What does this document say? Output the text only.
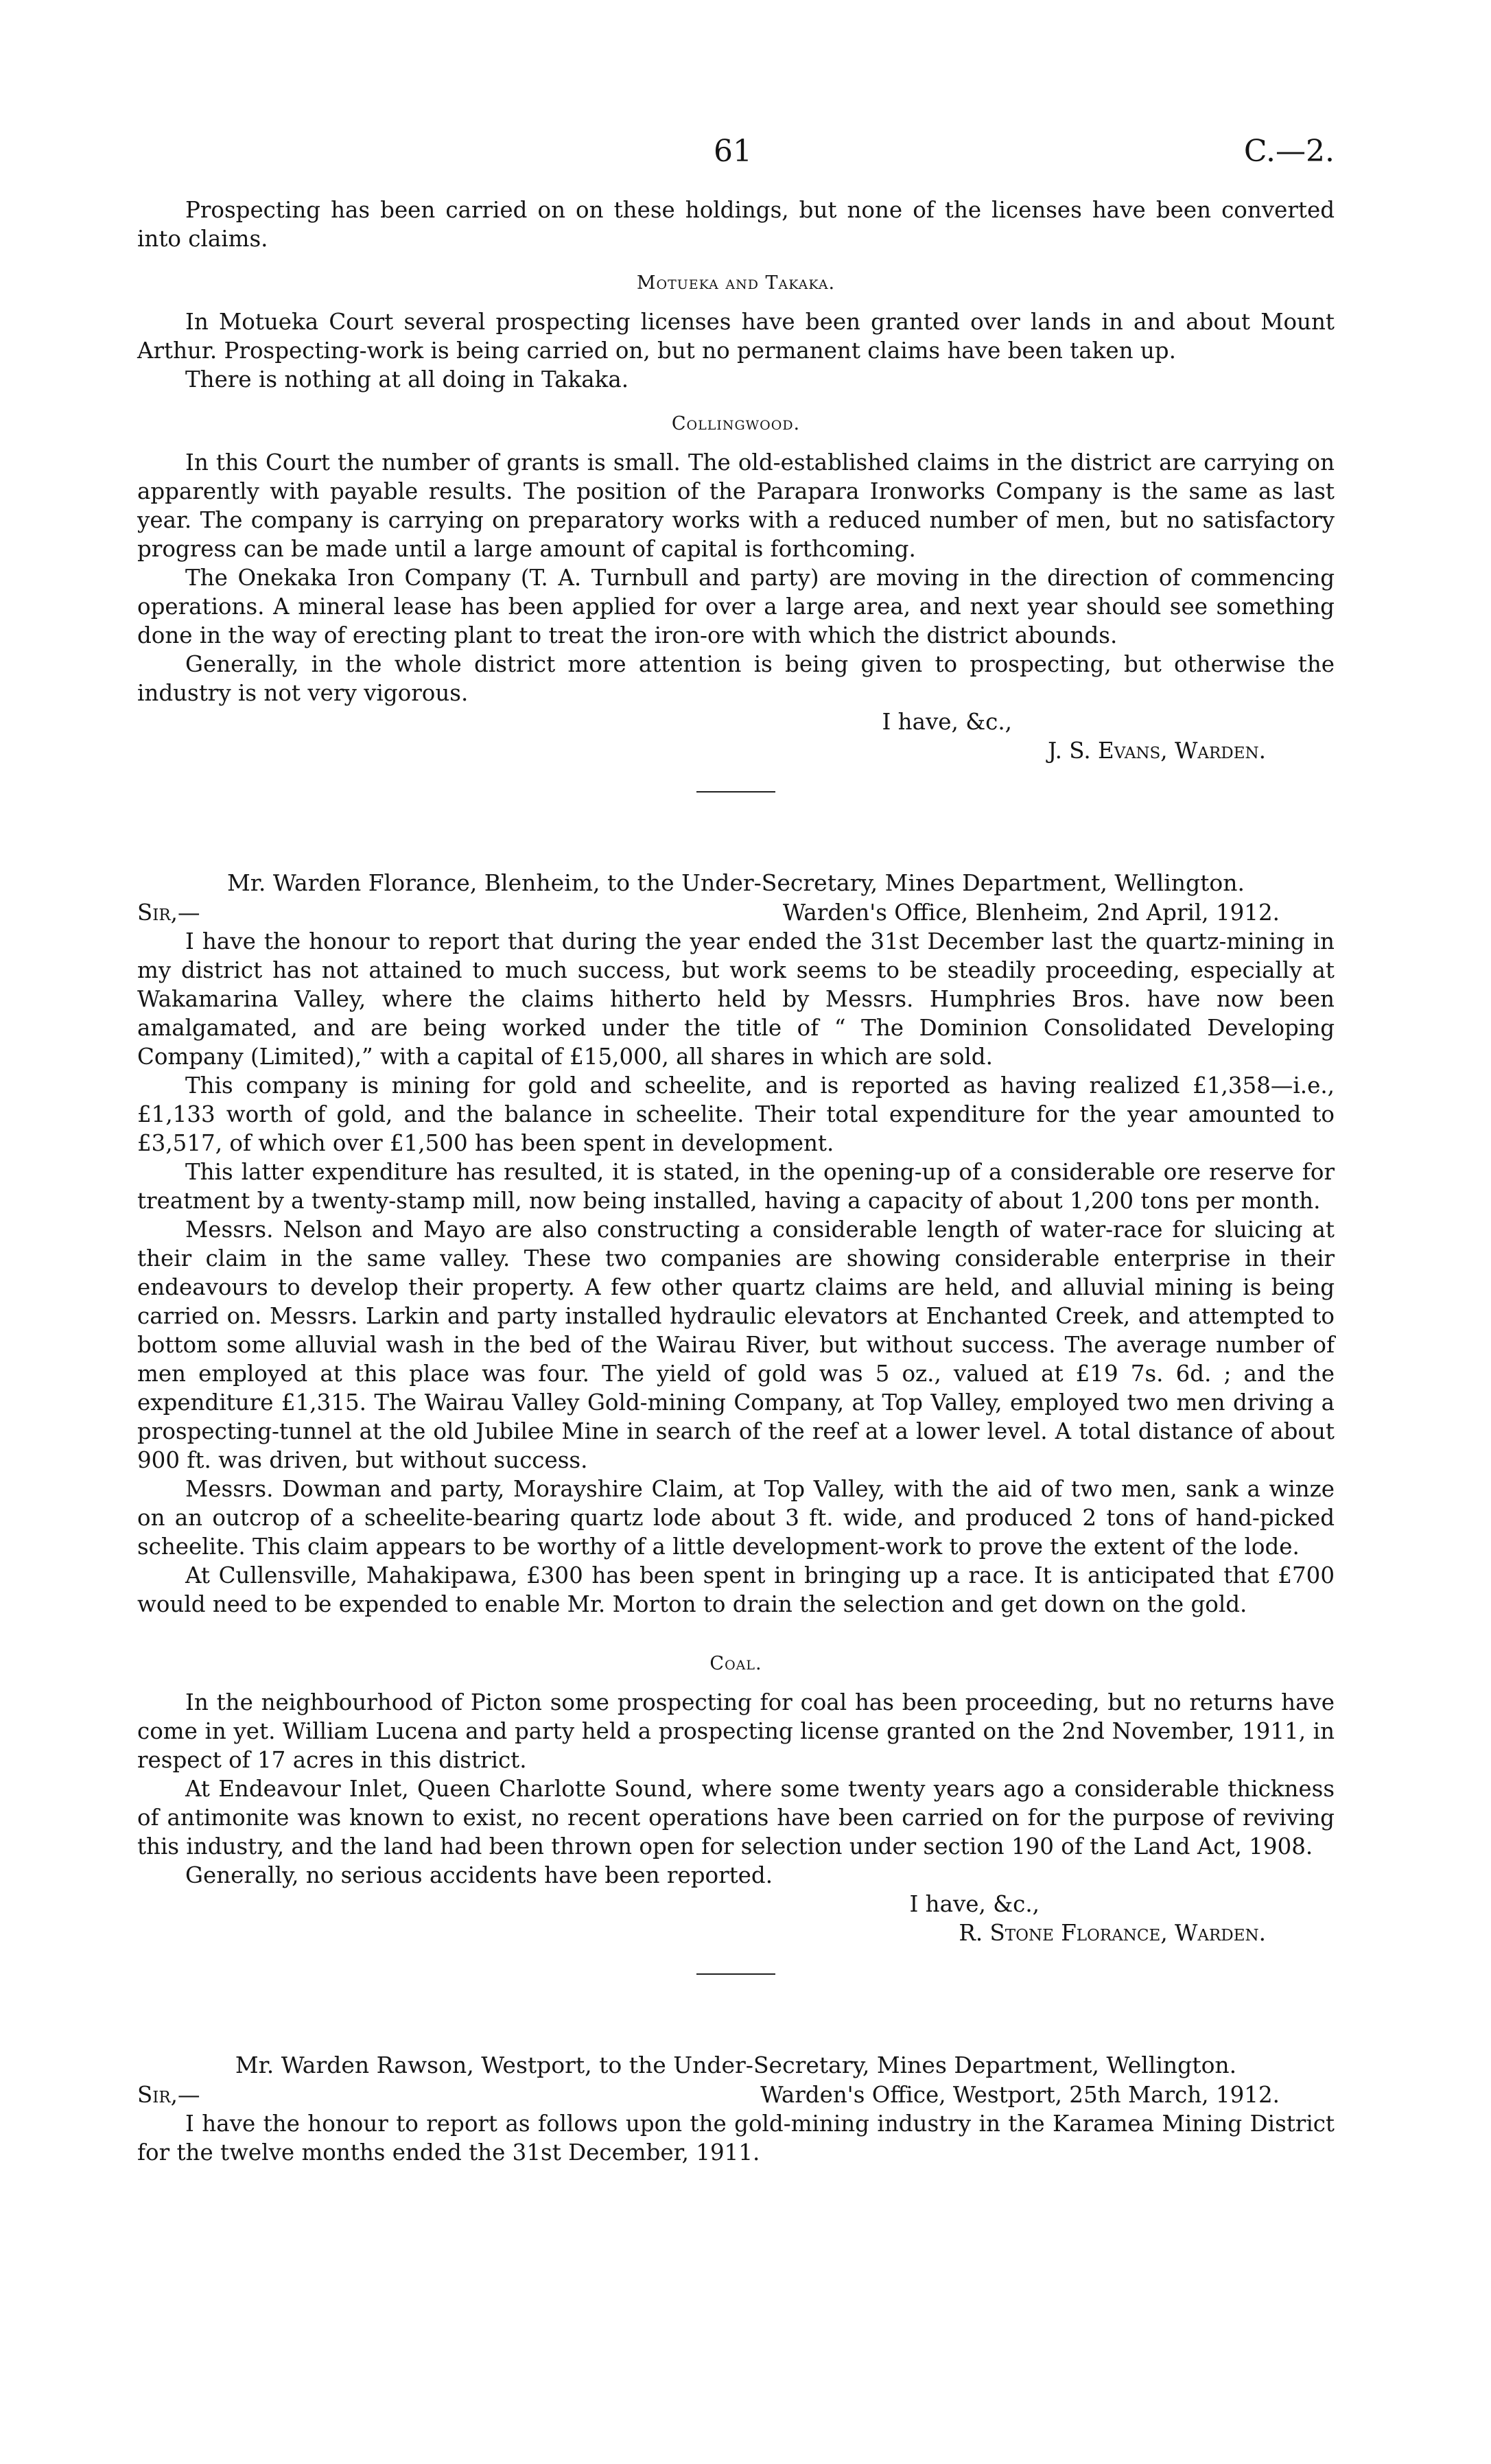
61	C.—2.

Prospecting has been carried on on these holdings, but none of the licenses have been converted into claims.

Motueka and Takaka.

In Motueka Court several prospecting licenses have been granted over lands in and about Mount Arthur. Prospecting-work is being carried on, but no permanent claims have been taken up.

There is nothing at all doing in Takaka.

Collingwood.

In this Court the number of grants is small. The old-established claims in the district are carrying on apparently with payable results. The position of the Parapara Ironworks Company is the same as last year. The company is carrying on preparatory works with a reduced number of men, but no satisfactory progress can be made until a large amount of capital is forthcoming.

The Onekaka Iron Company (T. A. Turnbull and party) are moving in the direction of commencing operations. A mineral lease has been applied for over a large area, and next year should see something done in the way of erecting plant to treat the iron-ore with which the district abounds.

Generally, in the whole district more attention is being given to prospecting, but otherwise the industry is not very vigorous.

I have, &c.,
J. S. Evans, Warden.
Mr. Warden Florance, Blenheim, to the Under-Secretary, Mines Department, Wellington.
Sir,—	Warden's Office, Blenheim, 2nd April, 1912.

I have the honour to report that during the year ended the 31st December last the quartz-mining in my district has not attained to much success, but work seems to be steadily proceeding, especially at Wakamarina Valley, where the claims hitherto held by Messrs. Humphries Bros. have now been amalgamated, and are being worked under the title of “ The Dominion Consolidated Developing Company (Limited),” with a capital of £15,000, all shares in which are sold.

This company is mining for gold and scheelite, and is reported as having realized £1,358—i.e., £1,133 worth of gold, and the balance in scheelite. Their total expenditure for the year amounted to £3,517, of which over £1,500 has been spent in development.

This latter expenditure has resulted, it is stated, in the opening-up of a considerable ore reserve for treatment by a twenty-stamp mill, now being installed, having a capacity of about 1,200 tons per month.

Messrs. Nelson and Mayo are also constructing a considerable length of water-race for sluicing at their claim in the same valley. These two companies are showing considerable enterprise in their endeavours to develop their property. A few other quartz claims are held, and alluvial mining is being carried on. Messrs. Larkin and party installed hydraulic elevators at Enchanted Creek, and attempted to bottom some alluvial wash in the bed of the Wairau River, but without success. The average number of men employed at this place was four. The yield of gold was 5 oz., valued at £19 7s. 6d. ; and the expenditure £1,315. The Wairau Valley Gold-mining Company, at Top Valley, employed two men driving a prospecting-tunnel at the old Jubilee Mine in search of the reef at a lower level. A total distance of about 900 ft. was driven, but without success.

Messrs. Dowman and party, Morayshire Claim, at Top Valley, with the aid of two men, sank a winze on an outcrop of a scheelite-bearing quartz lode about 3 ft. wide, and produced 2 tons of hand-picked scheelite. This claim appears to be worthy of a little development-work to prove the extent of the lode.

At Cullensville, Mahakipawa, £300 has been spent in bringing up a race. It is anticipated that £700 would need to be expended to enable Mr. Morton to drain the selection and get down on the gold.

Coal.

In the neighbourhood of Picton some prospecting for coal has been proceeding, but no returns have come in yet. William Lucena and party held a prospecting license granted on the 2nd November, 1911, in respect of 17 acres in this district.

At Endeavour Inlet, Queen Charlotte Sound, where some twenty years ago a considerable thickness of antimonite was known to exist, no recent operations have been carried on for the purpose of reviving this industry, and the land had been thrown open for selection under section 190 of the Land Act, 1908.

Generally, no serious accidents have been reported.

I have, &c.,
R. Stone Florance, Warden.
Mr. Warden Rawson, Westport, to the Under-Secretary, Mines Department, Wellington.
Sir,—	Warden's Office, Westport, 25th March, 1912.

I have the honour to report as follows upon the gold-mining industry in the Karamea Mining District for the twelve months ended the 31st December, 1911.
